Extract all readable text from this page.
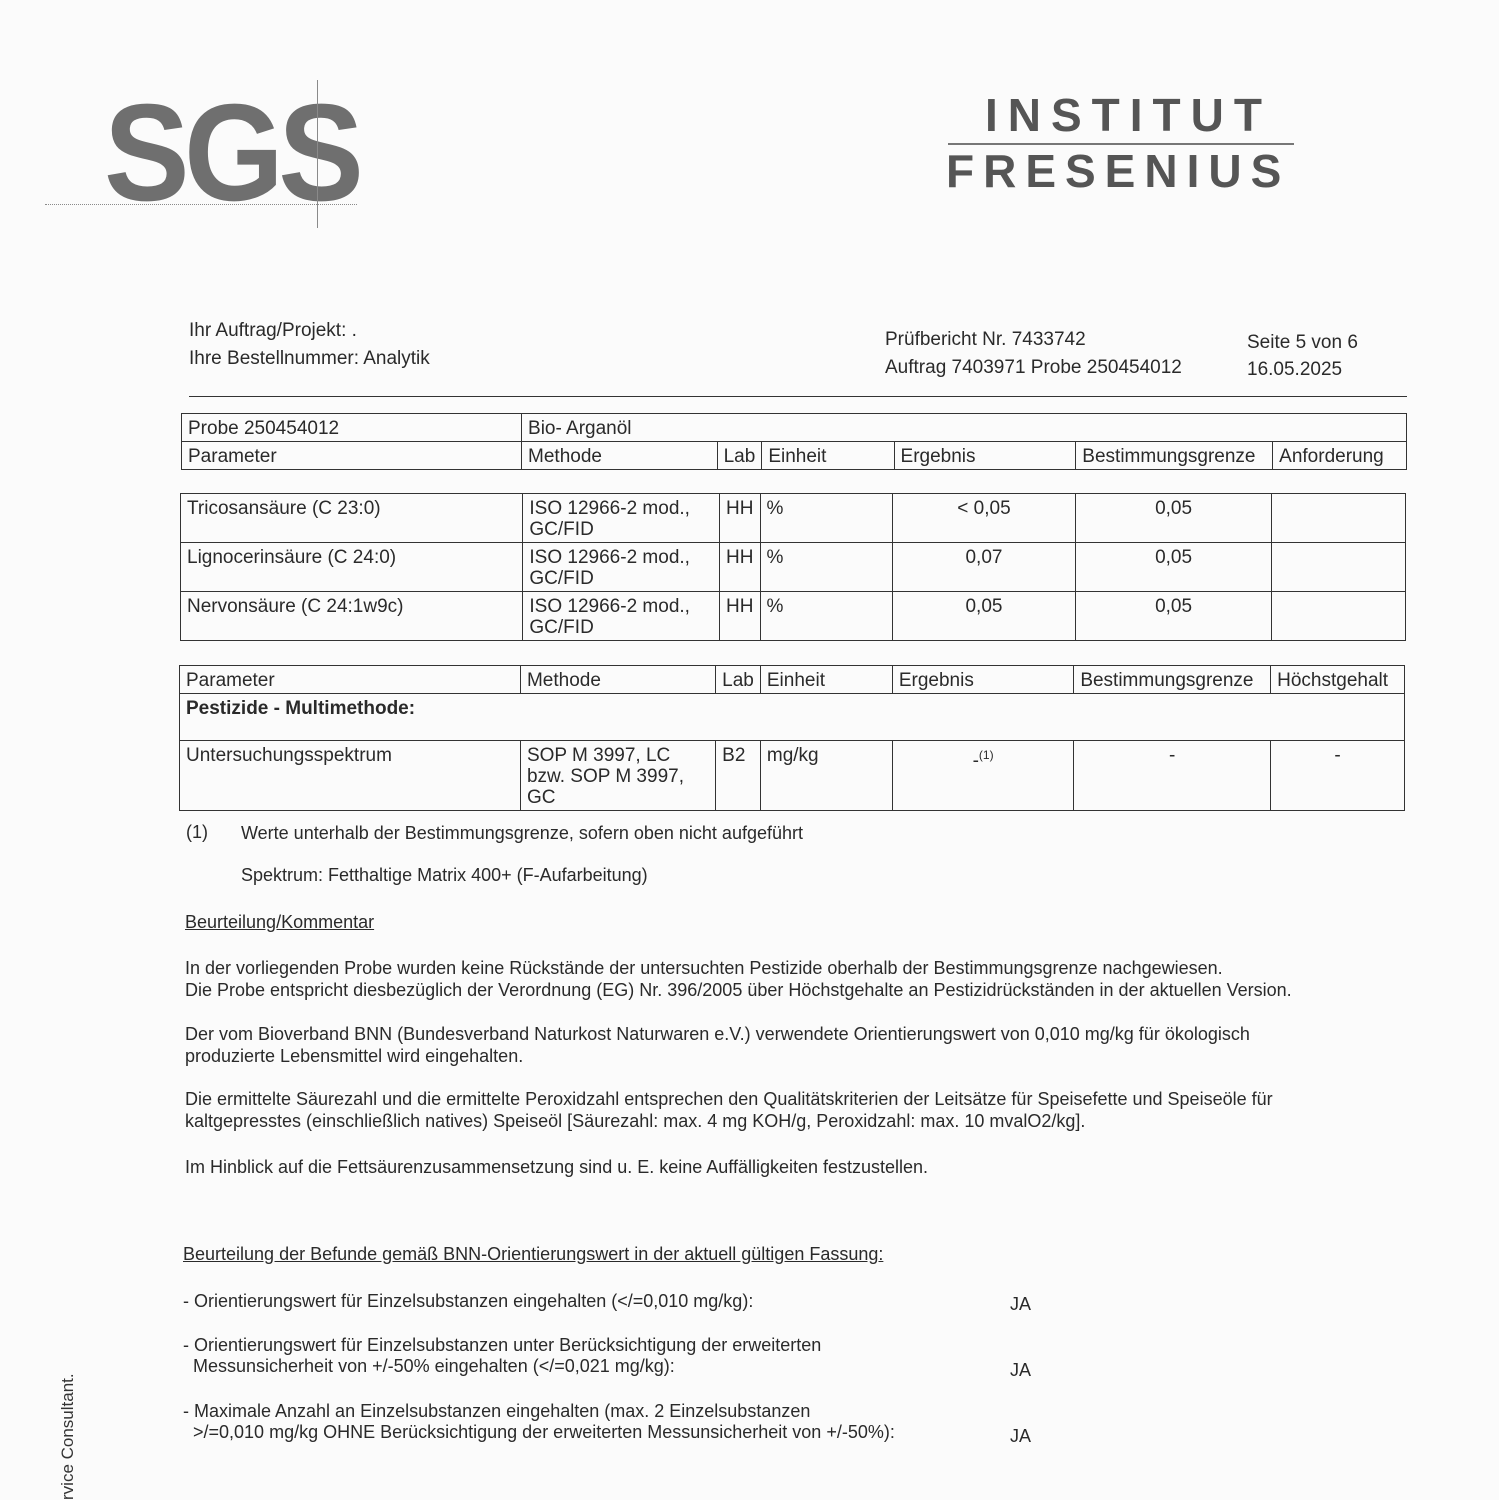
SGS	INSTITUT
FRESENIUS
Ihr Auftrag/Projekt: .
Ihre Bestellnummer: Analytik
Prüfbericht Nr. 7433742
Auftrag 7403971 Probe 250454012
Seite 5 von 6
16.05.2025
Probe 250454012	Bio- Arganöl					
Parameter	Methode	Lab	Einheit	Ergebnis	Bestimmungsgrenze	Anforderung
Tricosansäure (C 23:0)	ISO 12966-2 mod.,
GC/FID	HH	%	< 0,05	0,05	
Lignocerinsäure (C 24:0)	ISO 12966-2 mod.,
GC/FID	HH	%	0,07	0,05	
Nervonsäure (C 24:1w9c)	ISO 12966-2 mod.,
GC/FID	HH	%	0,05	0,05	
Parameter	Methode	Lab	Einheit	Ergebnis	Bestimmungsgrenze	Höchstgehalt
Pestizide - Multimethode:						
Untersuchungsspektrum	SOP M 3997, LC
bzw. SOP M 3997,
GC	B2	mg/kg	-$^{(1)}$	-	-
(1) Werte unterhalb der Bestimmungsgrenze, sofern oben nicht aufgeführt
Spektrum: Fetthaltige Matrix 400+ (F-Aufarbeitung)
Beurteilung/Kommentar
In der vorliegenden Probe wurden keine Rückstände der untersuchten Pestizide oberhalb der Bestimmungsgrenze nachgewiesen.
Die Probe entspricht diesbezüglich der Verordnung (EG) Nr. 396/2005 über Höchstgehalte an Pestizidrückständen in der aktuellen Version.
Der vom Bioverband BNN (Bundesverband Naturkost Naturwaren e.V.) verwendete Orientierungswert von 0,010 mg/kg für ökologisch
produzierte Lebensmittel wird eingehalten.
Die ermittelte Säurezahl und die ermittelte Peroxidzahl entsprechen den Qualitätskriterien der Leitsätze für Speisefette und Speiseöle für
kaltgepresstes (einschließlich natives) Speiseöl [Säurezahl: max. 4 mg KOH/g, Peroxidzahl: max. 10 mvalO2/kg].
Im Hinblick auf die Fettsäurenzusammensetzung sind u. E. keine Auffälligkeiten festzustellen.
Beurteilung der Befunde gemäß BNN-Orientierungswert in der aktuell gültigen Fassung:
- Orientierungswert für Einzelsubstanzen eingehalten (</=0,010 mg/kg):	JA
- Orientierungswert für Einzelsubstanzen unter Berücksichtigung der erweiterten
Messunsicherheit von +/-50% eingehalten (</=0,021 mg/kg):	JA
- Maximale Anzahl an Einzelsubstanzen eingehalten (max. 2 Einzelsubstanzen
>/=0,010 mg/kg OHNE Berücksichtigung der erweiterten Messunsicherheit von +/-50%):	JA
rvice Consultant.
